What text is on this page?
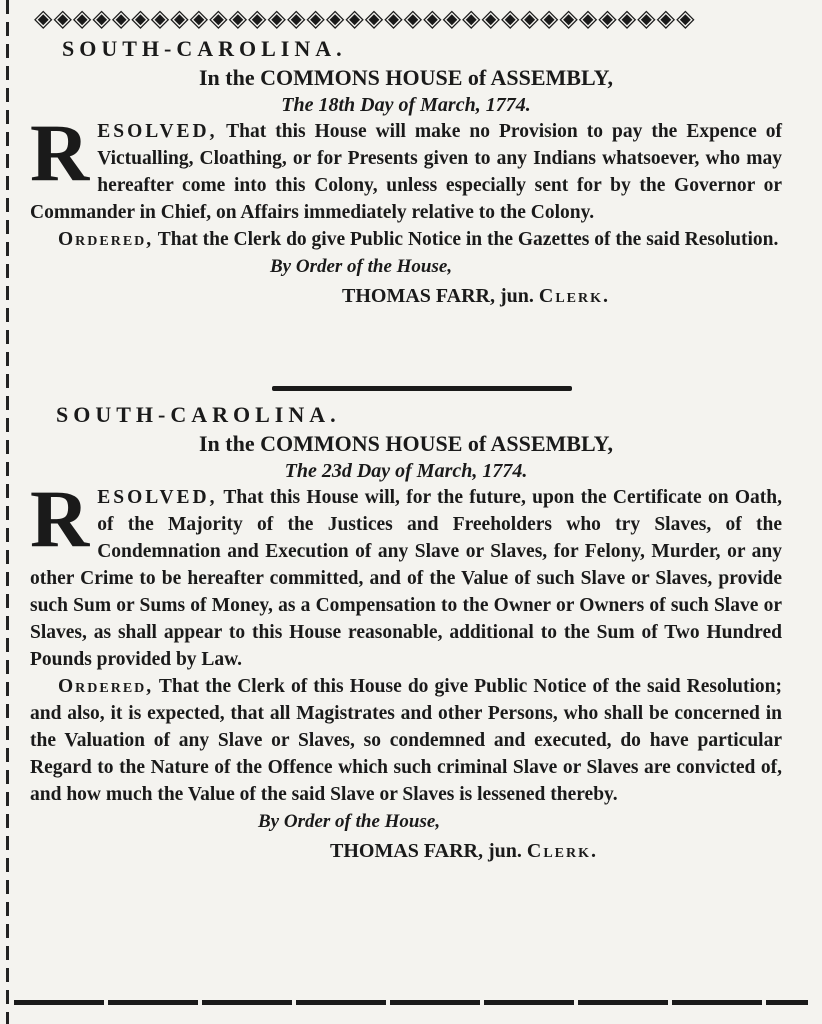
◈◈◈◈◈◈◈◈◈◈◈◈◈◈◈◈◈◈◈◈◈◈◈◈◈◈◈◈◈◈◈◈◈◈

SOUTH-CAROLINA.

In the COMMONS HOUSE of ASSEMBLY,

The 18th Day of March, 1774.

RESOLVED, That this House will make no Provision to pay the Expence of Victualling, Cloathing, or for Presents given to any Indians whatsoever, who may hereafter come into this Colony, unless especially sent for by the Governor or Commander in Chief, on Affairs immediately relative to the Colony.

Ordered, That the Clerk do give Public Notice in the Gazettes of the said Resolution.

By Order of the House,

THOMAS FARR, jun. Clerk.

SOUTH-CAROLINA.

In the COMMONS HOUSE of ASSEMBLY,

The 23d Day of March, 1774.

RESOLVED, That this House will, for the future, upon the Certificate on Oath, of the Majority of the Justices and Freeholders who try Slaves, of the Condemnation and Execution of any Slave or Slaves, for Felony, Murder, or any other Crime to be hereafter committed, and of the Value of such Slave or Slaves, provide such Sum or Sums of Money, as a Compensation to the Owner or Owners of such Slave or Slaves, as shall appear to this House reasonable, additional to the Sum of Two Hundred Pounds provided by Law.

Ordered, That the Clerk of this House do give Public Notice of the said Resolution; and also, it is expected, that all Magistrates and other Persons, who shall be concerned in the Valuation of any Slave or Slaves, so condemned and executed, do have particular Regard to the Nature of the Offence which such criminal Slave or Slaves are convicted of, and how much the Value of the said Slave or Slaves is lessened thereby.

By Order of the House,

THOMAS FARR, jun. Clerk.
